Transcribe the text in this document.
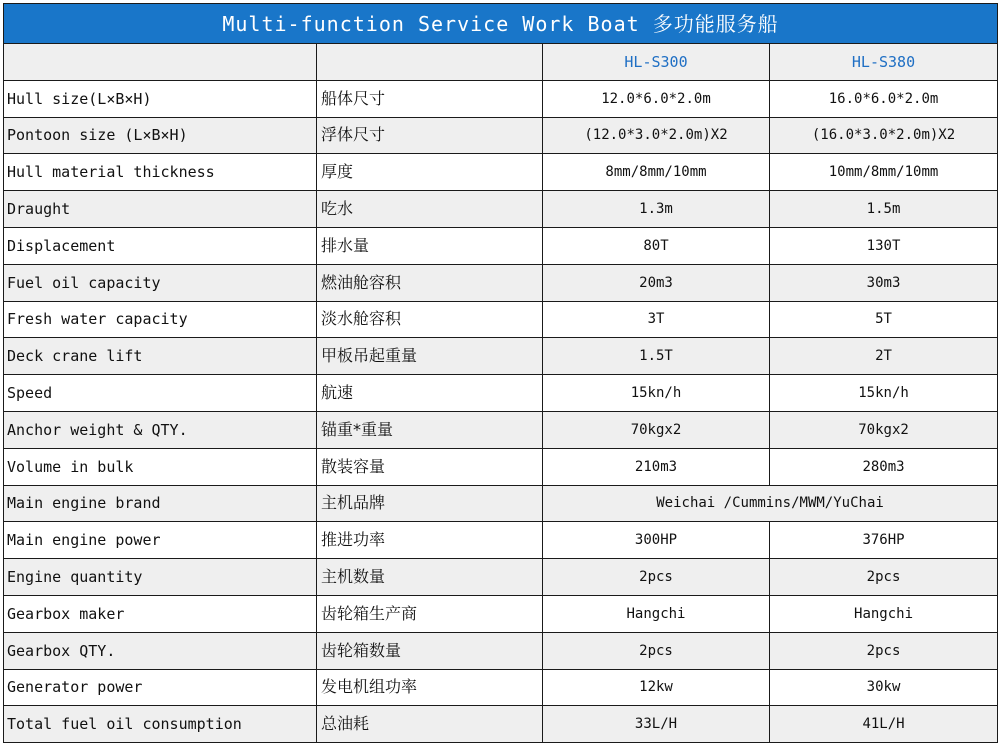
Multi-function Service Work Boat 多功能服务船			
		HL-S300	HL-S380
Hull size(L×B×H)	船体尺寸	12.0*6.0*2.0m	16.0*6.0*2.0m
Pontoon size (L×B×H)	浮体尺寸	(12.0*3.0*2.0m)X2	(16.0*3.0*2.0m)X2
Hull material thickness	厚度	8mm/8mm/10mm	10mm/8mm/10mm
Draught	吃水	1.3m	1.5m
Displacement	排水量	80T	130T
Fuel oil capacity	燃油舱容积	20m3	30m3
Fresh water capacity	淡水舱容积	3T	5T
Deck crane lift	甲板吊起重量	1.5T	2T
Speed	航速	15kn/h	15kn/h
Anchor weight & QTY.	锚重*重量	70kgx2	70kgx2
Volume in bulk	散装容量	210m3	280m3
Main engine brand	主机品牌	Weichai /Cummins/MWM/YuChai	
Main engine power	推进功率	300HP	376HP
Engine quantity	主机数量	2pcs	2pcs
Gearbox maker	齿轮箱生产商	Hangchi	Hangchi
Gearbox QTY.	齿轮箱数量	2pcs	2pcs
Generator power	发电机组功率	12kw	30kw
Total fuel oil consumption	总油耗	33L/H	41L/H
